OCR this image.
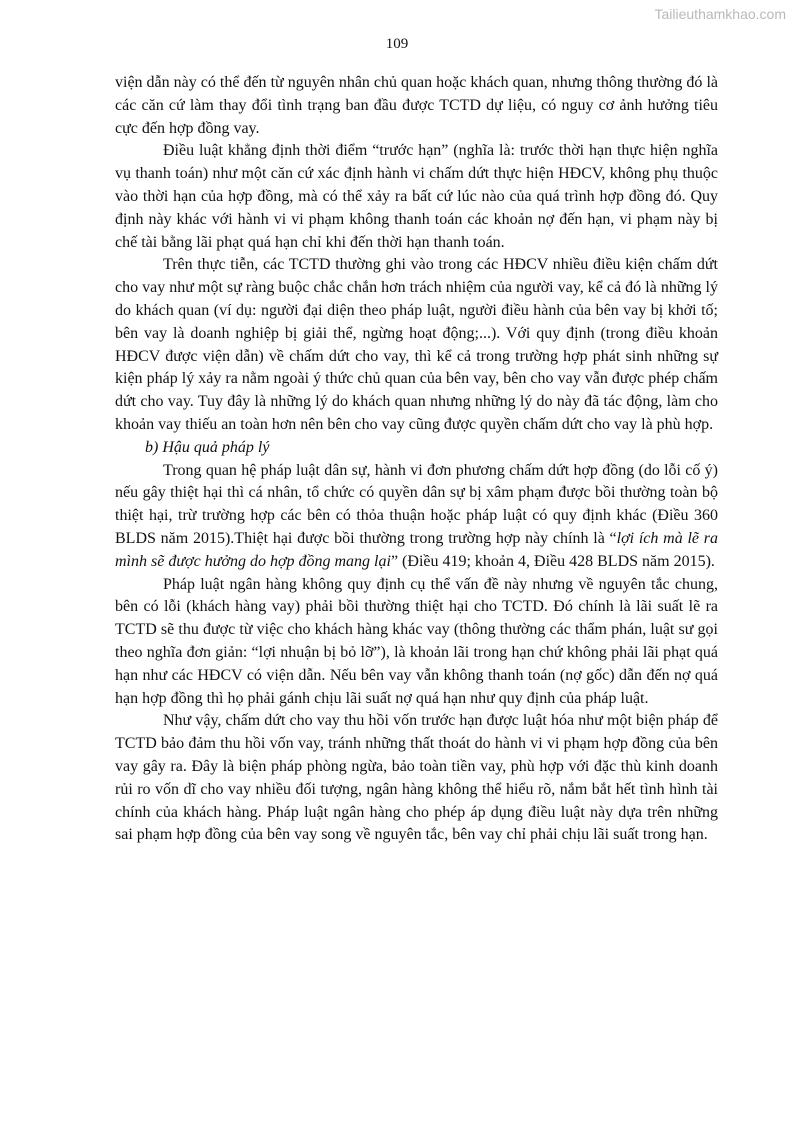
Tailieuthamkhao.com
109

viện dẫn này có thể đến từ nguyên nhân chủ quan hoặc khách quan, nhưng thông thường đó là các căn cứ làm thay đổi tình trạng ban đầu được TCTD dự liệu, có nguy cơ ảnh hưởng tiêu cực đến hợp đồng vay.

Điều luật khẳng định thời điểm “trước hạn” (nghĩa là: trước thời hạn thực hiện nghĩa vụ thanh toán) như một căn cứ xác định hành vi chấm dứt thực hiện HĐCV, không phụ thuộc vào thời hạn của hợp đồng, mà có thể xảy ra bất cứ lúc nào của quá trình hợp đồng đó. Quy định này khác với hành vi vi phạm không thanh toán các khoản nợ đến hạn, vi phạm này bị chế tài bằng lãi phạt quá hạn chỉ khi đến thời hạn thanh toán.

Trên thực tiễn, các TCTD thường ghi vào trong các HĐCV nhiều điều kiện chấm dứt cho vay như một sự ràng buộc chắc chắn hơn trách nhiệm của người vay, kể cả đó là những lý do khách quan (ví dụ: người đại diện theo pháp luật, người điều hành của bên vay bị khởi tố; bên vay là doanh nghiệp bị giải thể, ngừng hoạt động;...). Với quy định (trong điều khoản HĐCV được viện dẫn) về chấm dứt cho vay, thì kể cả trong trường hợp phát sinh những sự kiện pháp lý xảy ra nằm ngoài ý thức chủ quan của bên vay, bên cho vay vẫn được phép chấm dứt cho vay. Tuy đây là những lý do khách quan nhưng những lý do này đã tác động, làm cho khoản vay thiếu an toàn hơn nên bên cho vay cũng được quyền chấm dứt cho vay là phù hợp.

b) Hậu quả pháp lý

Trong quan hệ pháp luật dân sự, hành vi đơn phương chấm dứt hợp đồng (do lỗi cố ý) nếu gây thiệt hại thì cá nhân, tổ chức có quyền dân sự bị xâm phạm được bồi thường toàn bộ thiệt hại, trừ trường hợp các bên có thỏa thuận hoặc pháp luật có quy định khác (Điều 360 BLDS năm 2015).Thiệt hại được bồi thường trong trường hợp này chính là “lợi ích mà lẽ ra mình sẽ được hưởng do hợp đồng mang lại” (Điều 419; khoản 4, Điều 428 BLDS năm 2015).

Pháp luật ngân hàng không quy định cụ thể vấn đề này nhưng về nguyên tắc chung, bên có lỗi (khách hàng vay) phải bồi thường thiệt hại cho TCTD. Đó chính là lãi suất lẽ ra TCTD sẽ thu được từ việc cho khách hàng khác vay (thông thường các thẩm phán, luật sư gọi theo nghĩa đơn giản: “lợi nhuận bị bỏ lỡ”), là khoản lãi trong hạn chứ không phải lãi phạt quá hạn như các HĐCV có viện dẫn. Nếu bên vay vẫn không thanh toán (nợ gốc) dẫn đến nợ quá hạn hợp đồng thì họ phải gánh chịu lãi suất nợ quá hạn như quy định của pháp luật.

Như vậy, chấm dứt cho vay thu hồi vốn trước hạn được luật hóa như một biện pháp để TCTD bảo đảm thu hồi vốn vay, tránh những thất thoát do hành vi vi phạm hợp đồng của bên vay gây ra. Đây là biện pháp phòng ngừa, bảo toàn tiền vay, phù hợp với đặc thù kinh doanh rủi ro vốn dĩ cho vay nhiều đối tượng, ngân hàng không thể hiểu rõ, nắm bắt hết tình hình tài chính của khách hàng. Pháp luật ngân hàng cho phép áp dụng điều luật này dựa trên những sai phạm hợp đồng của bên vay song về nguyên tắc, bên vay chỉ phải chịu lãi suất trong hạn.
